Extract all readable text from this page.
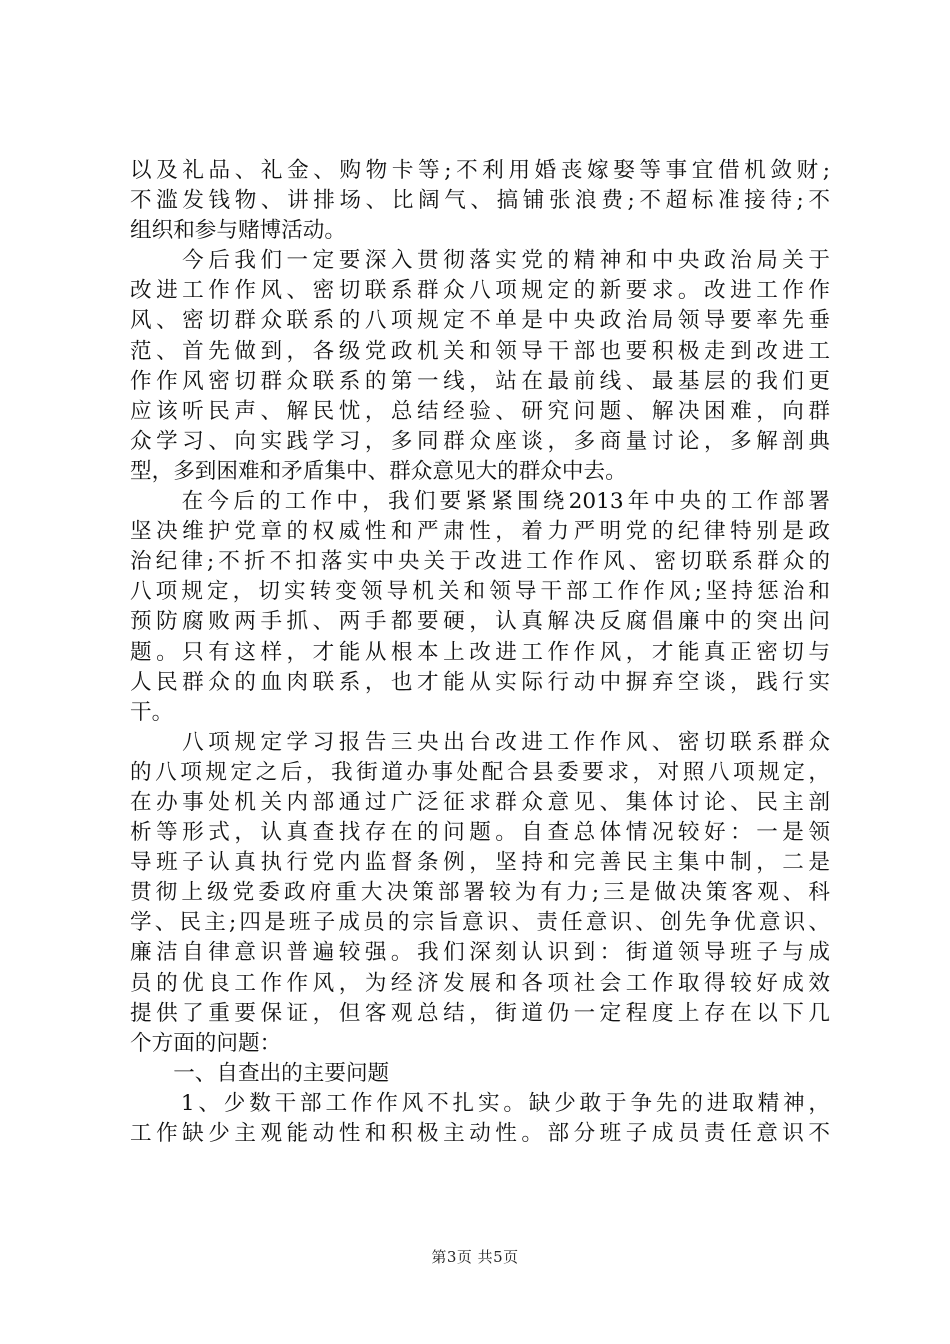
以及礼品、礼金、购物卡等;不利用婚丧嫁娶等事宜借机敛财;
不滥发钱物、讲排场、比阔气、搞铺张浪费;不超标准接待;不
组织和参与赌博活动。
　　今后我们一定要深入贯彻落实党的精神和中央政治局关于
改进工作作风、密切联系群众八项规定的新要求。改进工作作
风、密切群众联系的八项规定不单是中央政治局领导要率先垂
范、首先做到，各级党政机关和领导干部也要积极走到改进工
作作风密切群众联系的第一线，站在最前线、最基层的我们更
应该听民声、解民忧，总结经验、研究问题、解决困难，向群
众学习、向实践学习，多同群众座谈，多商量讨论，多解剖典
型，多到困难和矛盾集中、群众意见大的群众中去。
　　在今后的工作中，我们要紧紧围绕2013年中央的工作部署
坚决维护党章的权威性和严肃性，着力严明党的纪律特别是政
治纪律;不折不扣落实中央关于改进工作作风、密切联系群众的
八项规定，切实转变领导机关和领导干部工作作风;坚持惩治和
预防腐败两手抓、两手都要硬，认真解决反腐倡廉中的突出问
题。只有这样，才能从根本上改进工作作风，才能真正密切与
人民群众的血肉联系，也才能从实际行动中摒弃空谈，践行实
干。
　　八项规定学习报告三央出台改进工作作风、密切联系群众
的八项规定之后，我街道办事处配合县委要求，对照八项规定，
在办事处机关内部通过广泛征求群众意见、集体讨论、民主剖
析等形式，认真查找存在的问题。自查总体情况较好：一是领
导班子认真执行党内监督条例，坚持和完善民主集中制，二是
贯彻上级党委政府重大决策部署较为有力;三是做决策客观、科
学、民主;四是班子成员的宗旨意识、责任意识、创先争优意识、
廉洁自律意识普遍较强。我们深刻认识到：街道领导班子与成
员的优良工作作风，为经济发展和各项社会工作取得较好成效
提供了重要保证，但客观总结，街道仍一定程度上存在以下几
个方面的问题：
　　一、自查出的主要问题
　　1、少数干部工作作风不扎实。缺少敢于争先的进取精神，
工作缺少主观能动性和积极主动性。部分班子成员责任意识不
第3页 共5页
